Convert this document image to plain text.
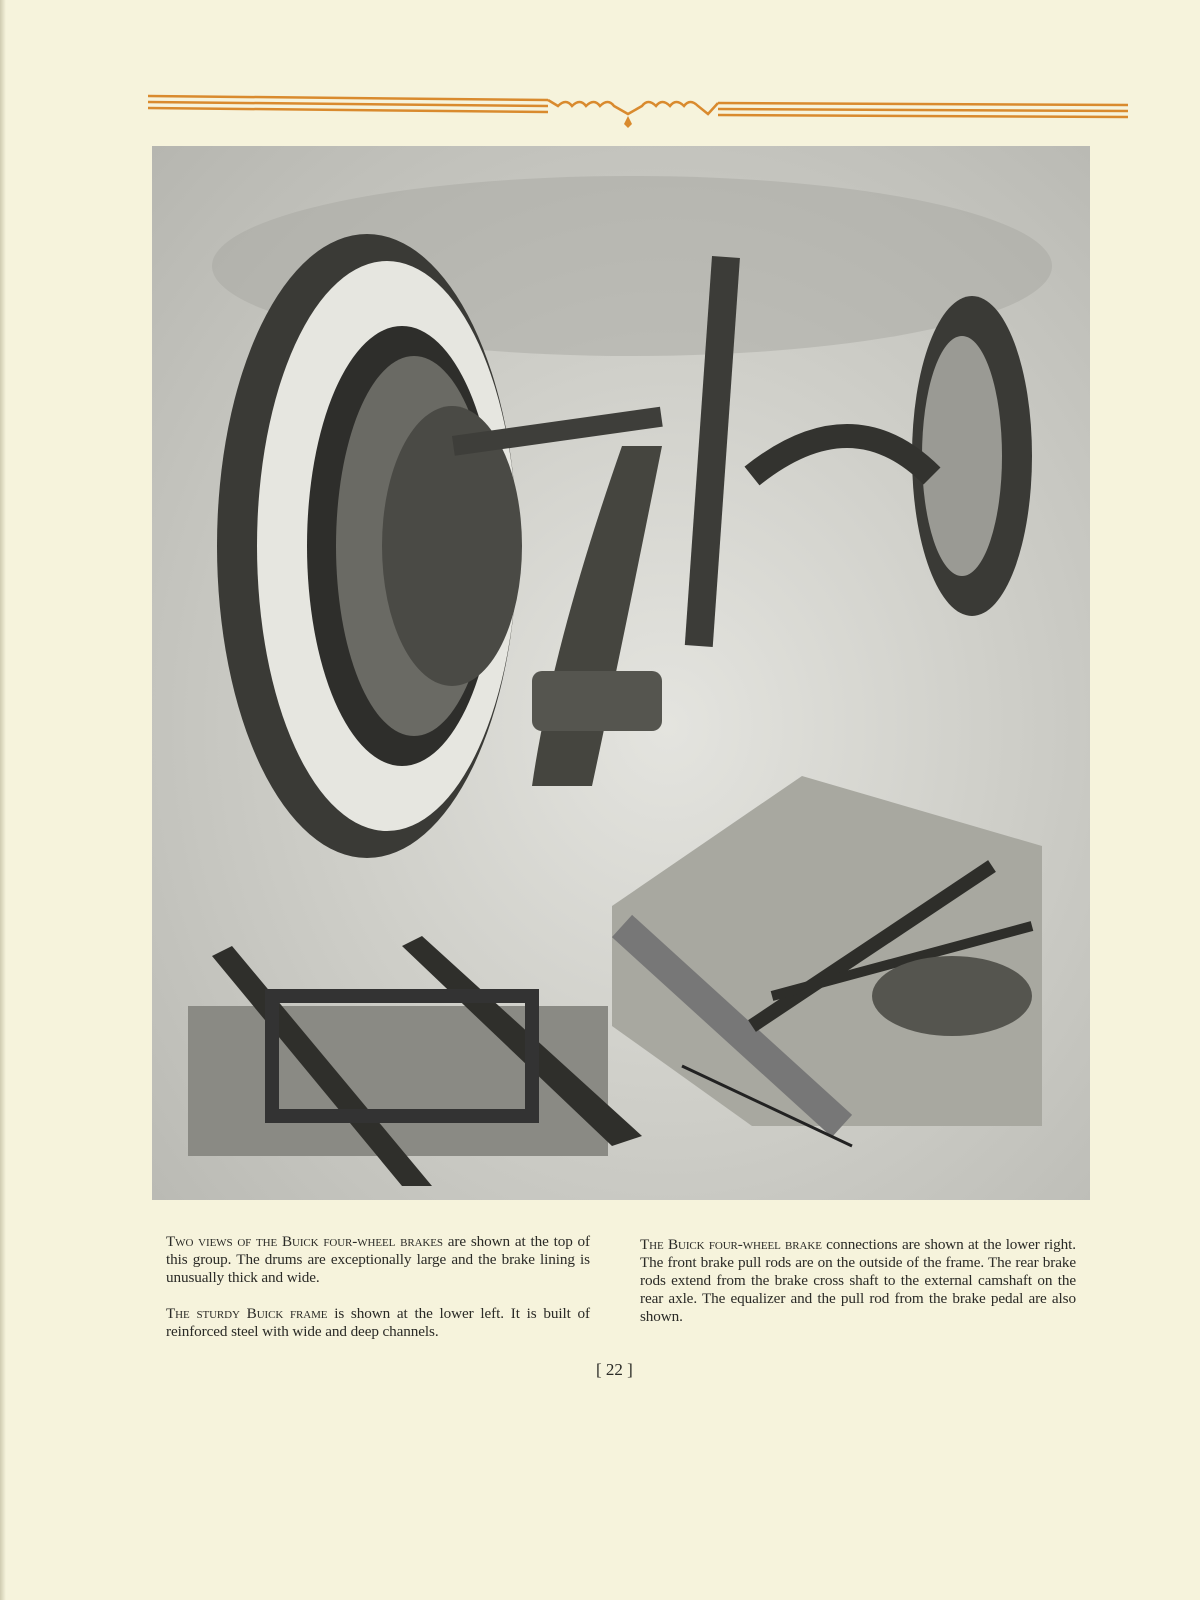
Two views of the Buick four-wheel brakes are shown at the top of this group. The drums are exceptionally large and the brake lining is unusually thick and wide.

The sturdy Buick frame is shown at the lower left. It is built of reinforced steel with wide and deep channels.

The Buick four-wheel brake connections are shown at the lower right. The front brake pull rods are on the outside of the frame. The rear brake rods extend from the brake cross shaft to the external camshaft on the rear axle. The equalizer and the pull rod from the brake pedal are also shown.

[ 22 ]
